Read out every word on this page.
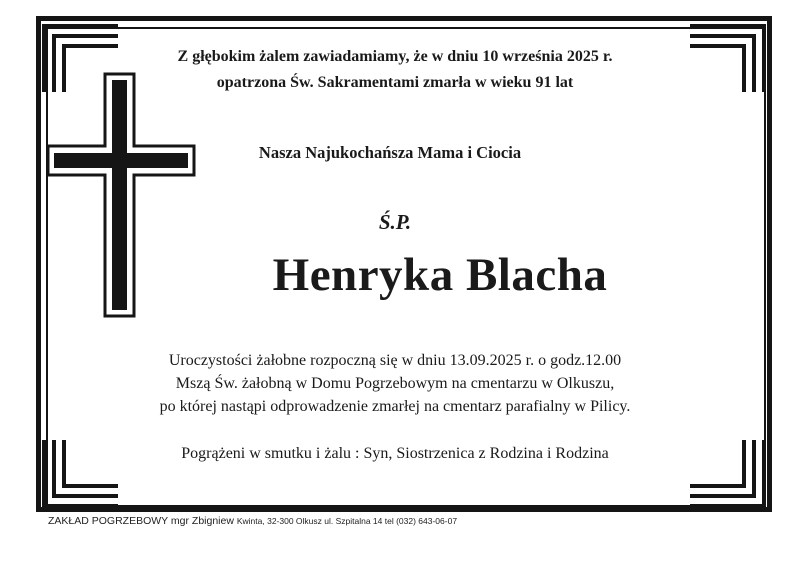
Z głębokim żalem zawiadamiamy, że w dniu 10 września 2025 r.
opatrzona Św. Sakramentami zmarła w wieku 91 lat
Nasza Najukochańsza Mama i Ciocia
Ś.P.
Henryka Blacha
Uroczystości żałobne rozpoczną się w dniu 13.09.2025 r. o godz.12.00
Mszą Św. żałobną w Domu Pogrzebowym na cmentarzu w Olkuszu,
po której nastąpi odprowadzenie zmarłej na cmentarz parafialny w Pilicy.
Pogrążeni w smutku i żalu : Syn, Siostrzenica z Rodzina i Rodzina
ZAKŁAD POGRZEBOWY mgr Zbigniew Kwinta, 32-300 Olkusz ul. Szpitalna 14 tel (032) 643-06-07
